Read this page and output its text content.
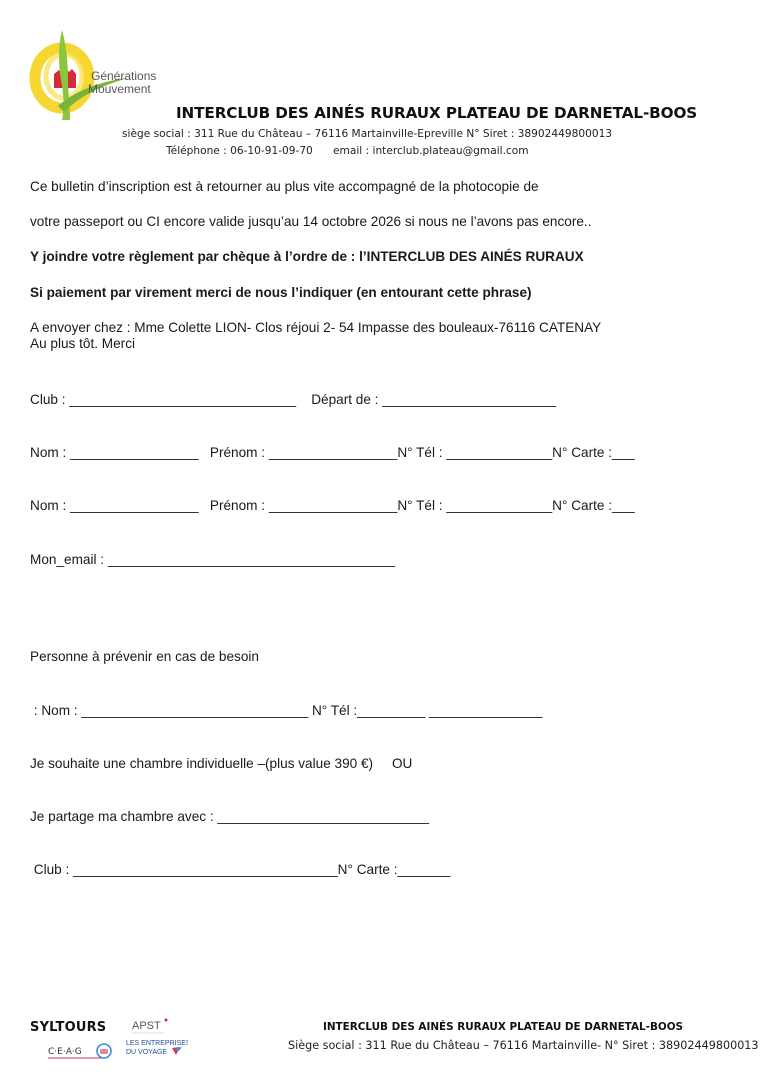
Générations
Mouvement
INTERCLUB DES AINÉS RURAUX PLATEAU DE DARNETAL-BOOS
siège social : 311 Rue du Château – 76116 Martainville-Epreville N° Siret : 38902449800013
Téléphone : 06-10-91-09-70      email : interclub.plateau@gmail.com
Ce bulletin d’inscription est à retourner au plus vite accompagné de la photocopie de
votre passeport ou CI encore valide jusqu’au 14 octobre 2026 si nous ne l’avons pas encore..
Y joindre votre règlement par chèque à l’ordre de : l’INTERCLUB DES AINÉS RURAUX
Si paiement par virement merci de nous l’indiquer (en entourant cette phrase)
A envoyer chez : Mme Colette LION- Clos réjoui 2- 54 Impasse des bouleaux-76116 CATENAY
Au plus tôt. Merci
Club : ______________________________    Départ de : _______________________
Nom : _________________   Prénom : _________________N° Tél : ______________N° Carte :___
Nom : _________________   Prénom : _________________N° Tél : ______________N° Carte :___
Mon_email : ______________________________________
Personne à prévenir en cas de besoin
: Nom : ______________________________ N° Tél :_________ _______________
Je souhaite une chambre individuelle –(plus value 390 €)     OU
Je partage ma chambre avec : ____________________________
Club : ___________________________________N° Carte :_______
SYLTOURS
C·E·A·G
APST
LES ENTREPRISES
DU VOYAGE
INTERCLUB DES AINÉS RURAUX PLATEAU DE DARNETAL-BOOS
Siège social : 311 Rue du Château – 76116 Martainville- N° Siret : 38902449800013
